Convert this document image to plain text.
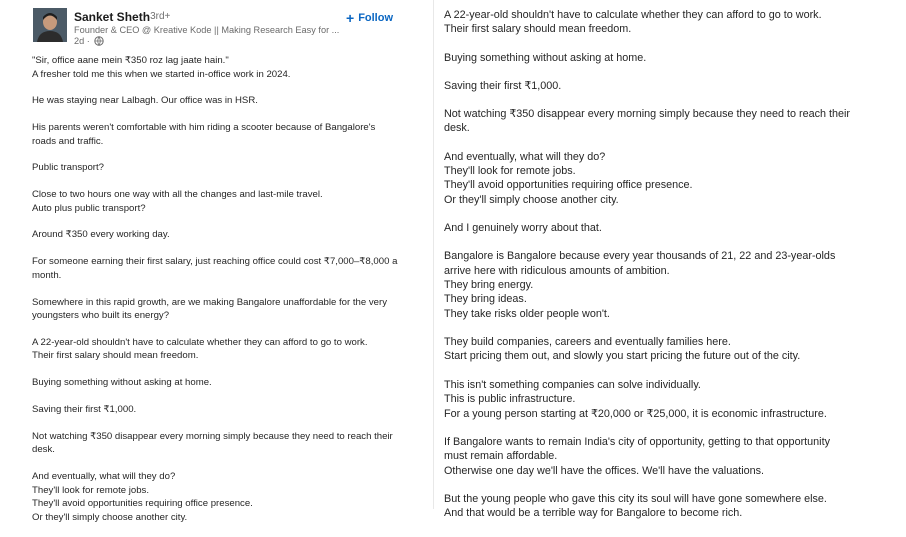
Sanket Sheth
· 3rd+
Founder & CEO @ Kreative Kode || Making Research Easy for ...
2d ·
+ Follow
"Sir, office aane mein ₹350 roz lag jaate hain."
A fresher told me this when we started in-office work in 2024.
He was staying near Lalbagh. Our office was in HSR.
His parents weren't comfortable with him riding a scooter because of Bangalore's
roads and traffic.
Public transport?
Close to two hours one way with all the changes and last-mile travel.
Auto plus public transport?
Around ₹350 every working day.
For someone earning their first salary, just reaching office could cost ₹7,000–₹8,000 a
month.
Somewhere in this rapid growth, are we making Bangalore unaffordable for the very
youngsters who built its energy?
A 22-year-old shouldn't have to calculate whether they can afford to go to work.
Their first salary should mean freedom.
Buying something without asking at home.
Saving their first ₹1,000.
Not watching ₹350 disappear every morning simply because they need to reach their
desk.
And eventually, what will they do?
They'll look for remote jobs.
They'll avoid opportunities requiring office presence.
Or they'll simply choose another city.
A 22-year-old shouldn't have to calculate whether they can afford to go to work.
Their first salary should mean freedom.
Buying something without asking at home.
Saving their first ₹1,000.
Not watching ₹350 disappear every morning simply because they need to reach their
desk.
And eventually, what will they do?
They'll look for remote jobs.
They'll avoid opportunities requiring office presence.
Or they'll simply choose another city.
And I genuinely worry about that.
Bangalore is Bangalore because every year thousands of 21, 22 and 23-year-olds
arrive here with ridiculous amounts of ambition.
They bring energy.
They bring ideas.
They take risks older people won't.
They build companies, careers and eventually families here.
Start pricing them out, and slowly you start pricing the future out of the city.
This isn't something companies can solve individually.
This is public infrastructure.
For a young person starting at ₹20,000 or ₹25,000, it is economic infrastructure.
If Bangalore wants to remain India's city of opportunity, getting to that opportunity
must remain affordable.
Otherwise one day we'll have the offices. We'll have the valuations.
But the young people who gave this city its soul will have gone somewhere else.
And that would be a terrible way for Bangalore to become rich.
